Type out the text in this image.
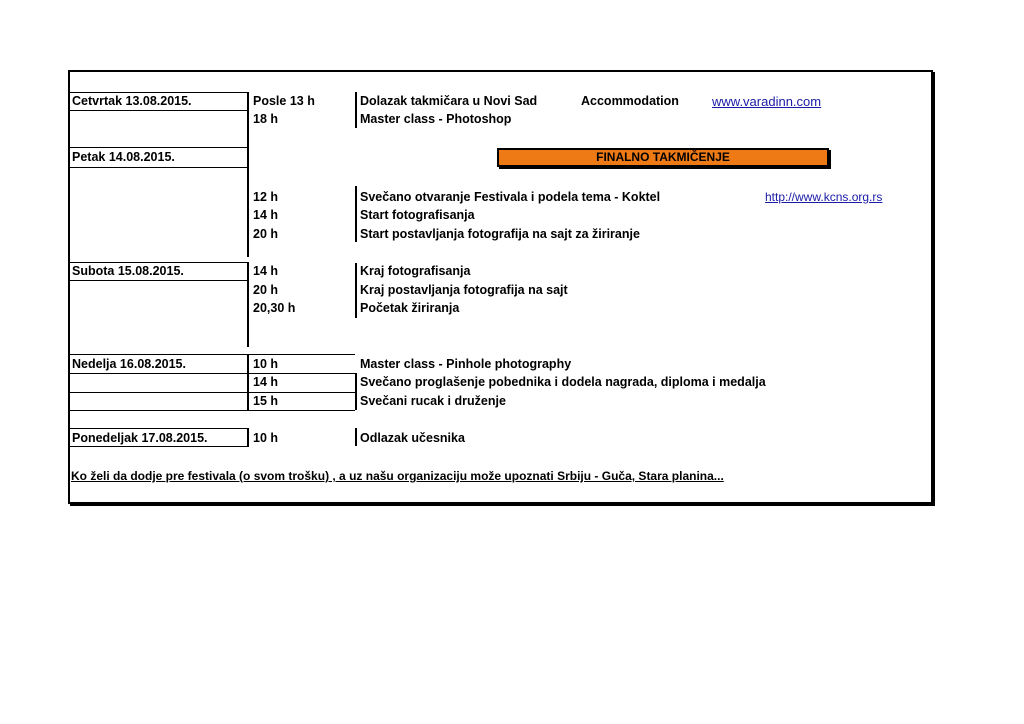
Cetvrtak 13.08.2015.
Petak 14.08.2015.
Subota 15.08.2015.
Nedelja 16.08.2015.
Ponedeljak 17.08.2015.
Posle 13 h
18 h
12 h
14 h
20 h
14 h
20 h
20,30 h
10 h
14 h
15 h
10 h
Dolazak takmičara u Novi Sad
Master class - Photoshop
Svečano otvaranje Festivala i podela tema - Koktel
Start fotografisanja
Start postavljanja fotografija na sajt za žiriranje
Kraj fotografisanja
Kraj postavljanja fotografija na sajt
Početak žiriranja
Master class - Pinhole photography
Svečano proglašenje pobednika i dodela nagrada, diploma i medalja
Svečani rucak i druženje
Odlazak učesnika
Accommodation	www.varadinn.com
http://www.kcns.org.rs
FINALNO TAKMIČENJE
Ko želi da dodje pre festivala (o svom trošku) , a uz našu organizaciju može upoznati Srbiju - Guča, Stara planina...
